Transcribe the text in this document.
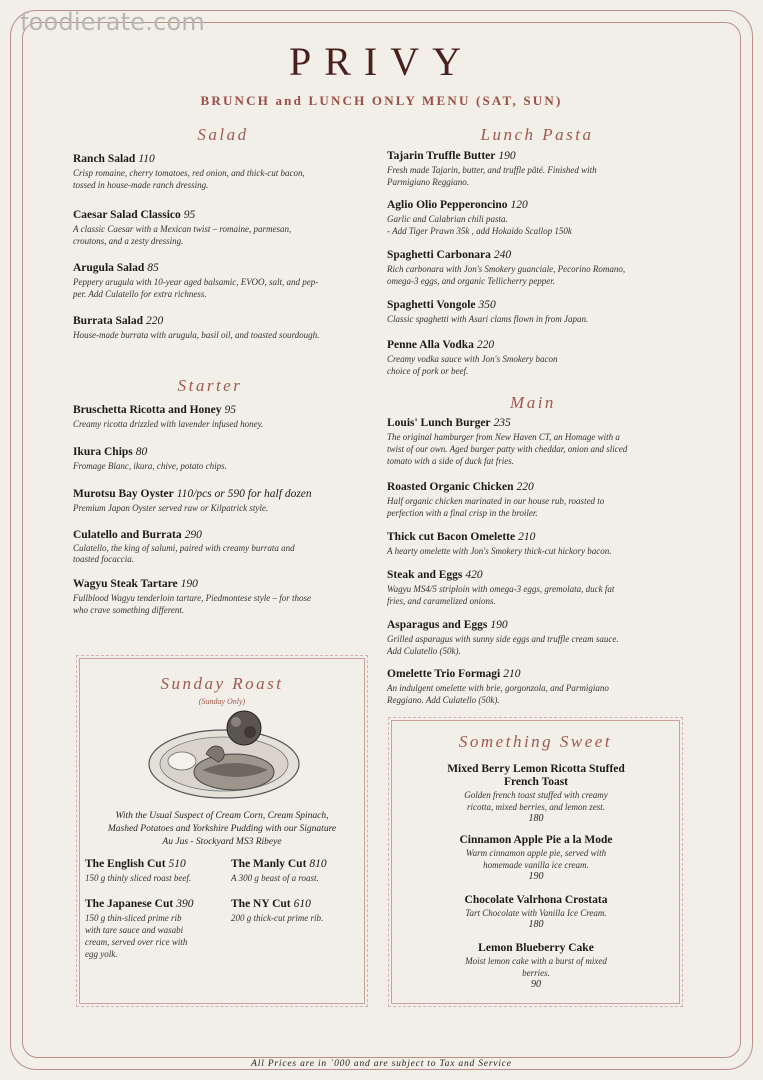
foodierate.com
PRIVY
BRUNCH and LUNCH ONLY MENU (SAT, SUN)
Salad
Ranch Salad 110
Crisp romaine, cherry tomatoes, red onion, and thick-cut bacon,
tossed in house-made ranch dressing.
Caesar Salad Classico 95
A classic Caesar with a Mexican twist – romaine, parmesan,
croutons, and a zesty dressing.
Arugula Salad 85
Peppery arugula with 10-year aged balsamic, EVOO, salt, and pep-
per. Add Culatello for extra richness.
Burrata Salad 220
House-made burrata with arugula, basil oil, and toasted sourdough.
Starter
Bruschetta Ricotta and Honey 95
Creamy ricotta drizzled with lavender infused honey.
Ikura Chips 80
Fromage Blanc, ikura, chive, potato chips.
Murotsu Bay Oyster 110/pcs or 590 for half dozen
Premium Japan Oyster served raw or Kilpatrick style.
Culatello and Burrata 290
Culatello, the king of salumi, paired with creamy burrata and
toasted focaccia.
Wagyu Steak Tartare 190
Fullblood Wagyu tenderloin tartare, Piedmontese style – for those
who crave something different.
Sunday Roast
(Sunday Only)
With the Usual Suspect of Cream Corn, Cream Spinach,
Mashed Potatoes and Yorkshire Pudding with our Signature
Au Jus - Stockyard MS3 Ribeye
The English Cut 510
150 g thinly sliced roast beef.
The Manly Cut 810
A 300 g beast of a roast.
The Japanese Cut 390
150 g thin-sliced prime rib
with tare sauce and wasabi
cream, served over rice with
egg yolk.
The NY Cut 610
200 g thick-cut prime rib.
Lunch Pasta
Tajarin Truffle Butter 190
Fresh made Tajarin, butter, and truffle pâté. Finished with
Parmigiano Reggiano.
Aglio Olio Pepperoncino 120
Garlic and Calabrian chili pasta.
- Add Tiger Prawn 35k , add Hokaido Scallop 150k
Spaghetti Carbonara 240
Rich carbonara with Jon's Smokery guanciale, Pecorino Romano,
omega-3 eggs, and organic Tellicherry pepper.
Spaghetti Vongole 350
Classic spaghetti with Asari clams flown in from Japan.
Penne Alla Vodka 220
Creamy vodka sauce with Jon's Smokery bacon
choice of pork or beef.
Main
Louis' Lunch Burger 235
The original hamburger from New Haven CT, an Homage with a
twist of our own. Aged burger patty with cheddar, onion and sliced
tomato with a side of duck fat fries.
Roasted Organic Chicken 220
Half organic chicken marinated in our house rub, roasted to
perfection with a final crisp in the broiler.
Thick cut Bacon Omelette 210
A hearty omelette with Jon's Smokery thick-cut hickory bacon.
Steak and Eggs 420
Wagyu MS4/5 striploin with omega-3 eggs, gremolata, duck fat
fries, and caramelized onions.
Asparagus and Eggs 190
Grilled asparagus with sunny side eggs and truffle cream sauce.
Add Culatello (50k).
Omelette Trio Formagi 210
An indulgent omelette with brie, gorgonzola, and Parmigiano
Reggiano. Add Culatello (50k).
Something Sweet
Mixed Berry Lemon Ricotta Stuffed
French Toast
Golden french toast stuffed with creamy
ricotta, mixed berries, and lemon zest.
180
Cinnamon Apple Pie a la Mode
Warm cinnamon apple pie, served with
homemade vanilla ice cream.
190
Chocolate Valrhona Crostata
Tart Chocolate with Vanilla Ice Cream.
180
Lemon Blueberry Cake
Moist lemon cake with a burst of mixed
berries.
90
All Prices are in `000 and are subject to Tax and Service
